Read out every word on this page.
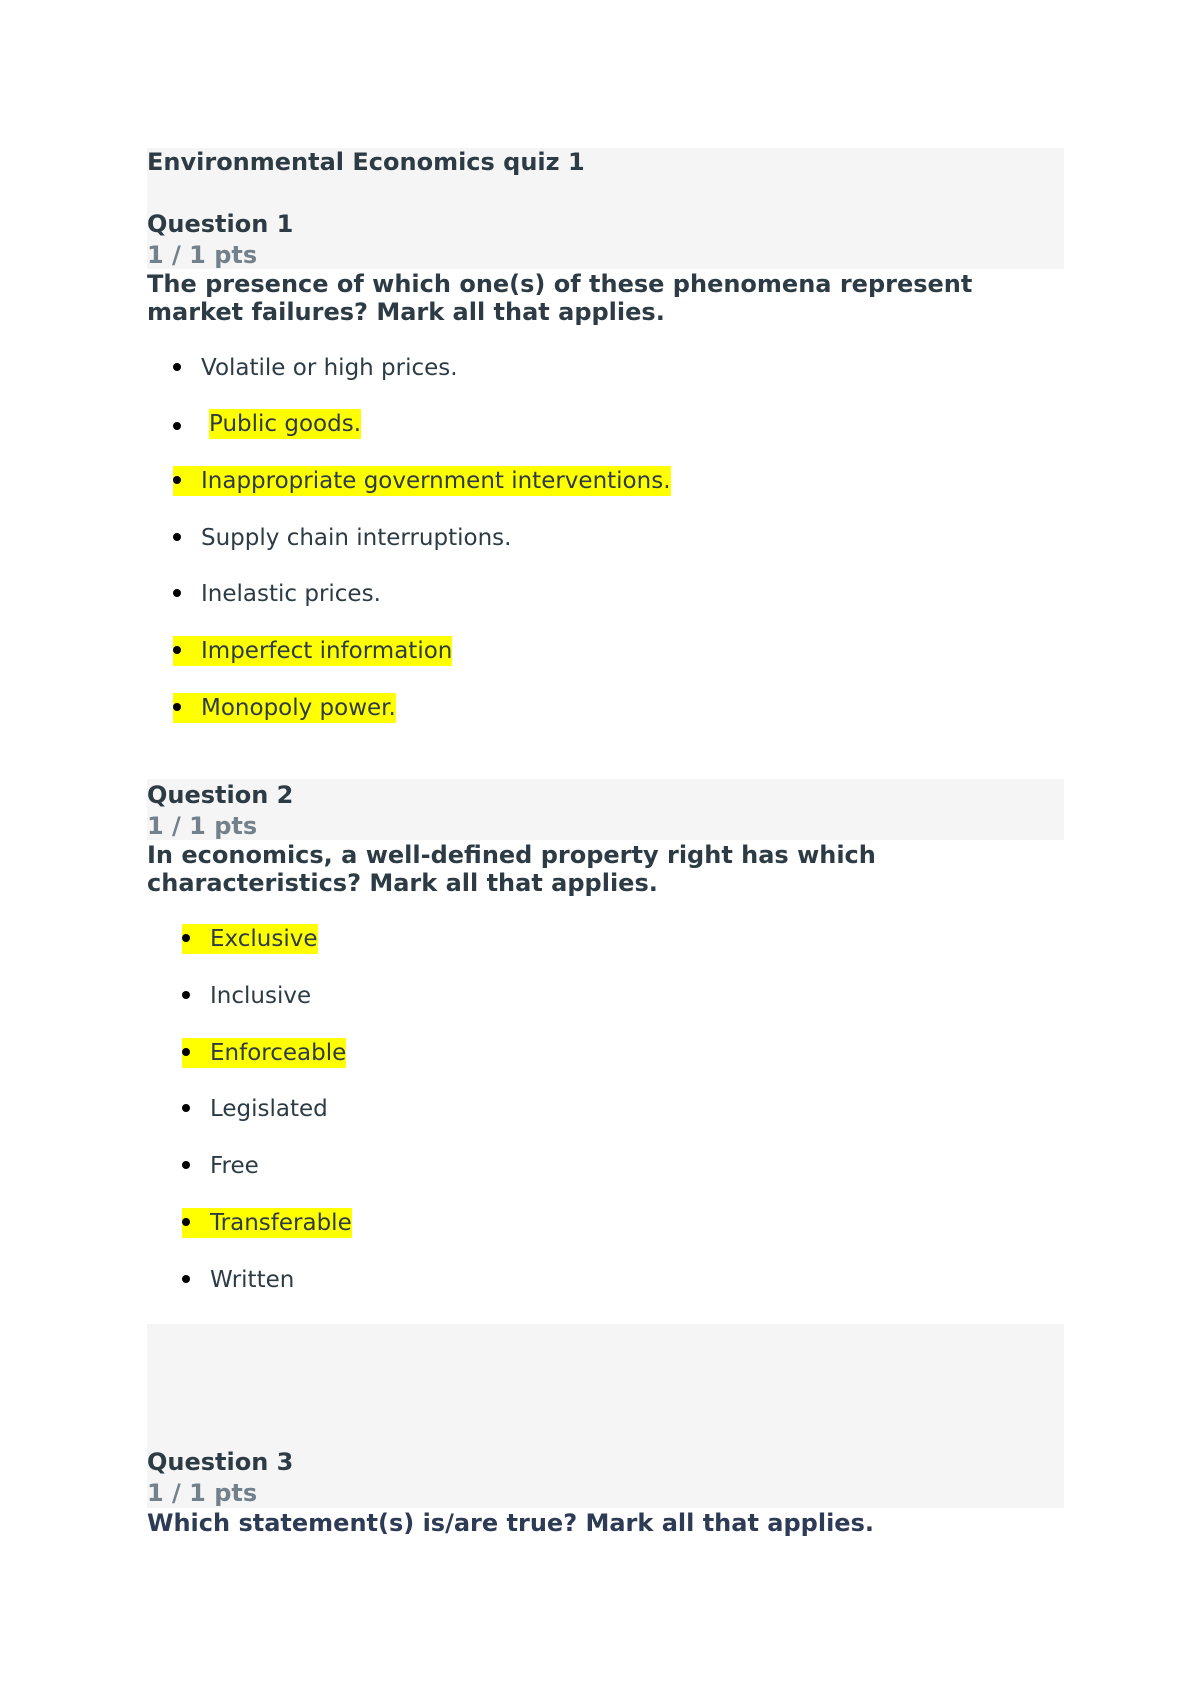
Environmental Economics quiz 1
Question 1
1 / 1 pts
The presence of which one(s) of these phenomena represent
market failures? Mark all that applies.
Volatile or high prices.
Public goods.
Inappropriate government interventions.
Supply chain interruptions.
Inelastic prices.
Imperfect information
Monopoly power.
Question 2
1 / 1 pts
In economics, a well-defined property right has which
characteristics? Mark all that applies.
Exclusive
Inclusive
Enforceable
Legislated
Free
Transferable
Written
Question 3
1 / 1 pts
Which statement(s) is/are true? Mark all that applies.
